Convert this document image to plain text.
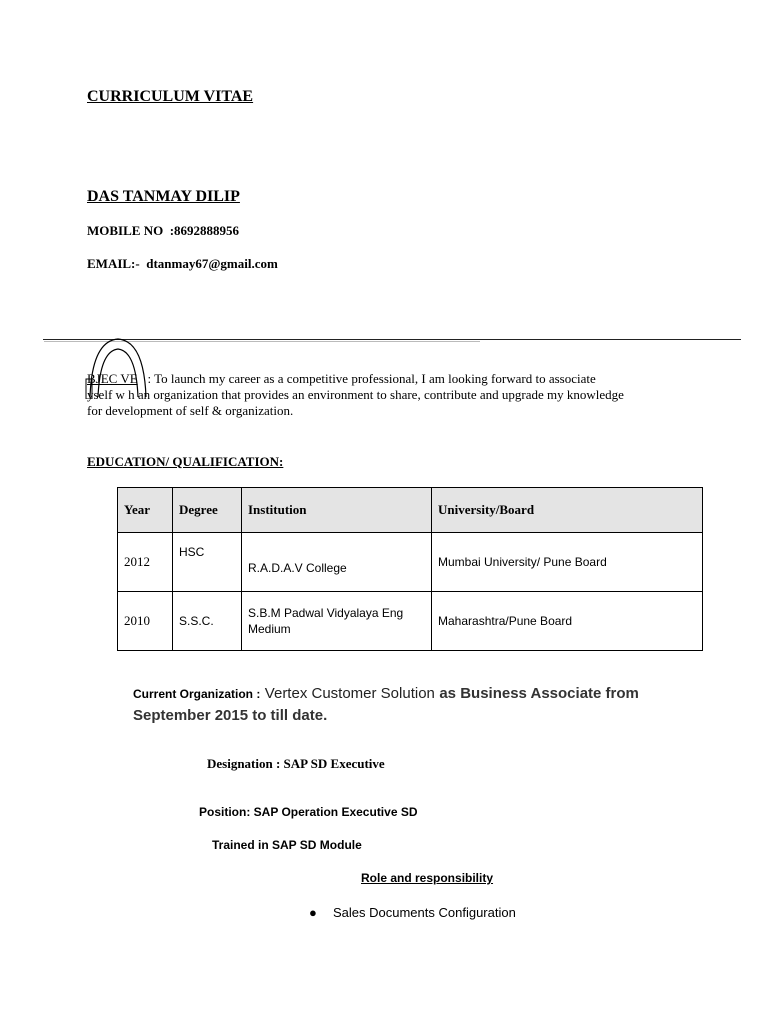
CURRICULUM VITAE
DAS TANMAY DILIP
MOBILE NO :8692888956
EMAIL:- dtanmay67@gmail.com
BJEC VE : To launch my career as a competitive professional, I am looking forward to associate
yself w h an organization that provides an environment to share, contribute and upgrade my knowledge
for development of self & organization.
EDUCATION/ QUALIFICATION:
Year	Degree	Institution	University/Board
2012	HSC	R.A.D.A.V College	Mumbai University/ Pune Board
2010	S.S.C.	S.B.M Padwal Vidyalaya Eng Medium	Maharashtra/Pune Board
Current Organization : Vertex Customer Solution as Business Associate from September 2015 to till date.
Designation : SAP SD Executive
Position: SAP Operation Executive SD
Trained in SAP SD Module
Role and responsibility
● Sales Documents Configuration
